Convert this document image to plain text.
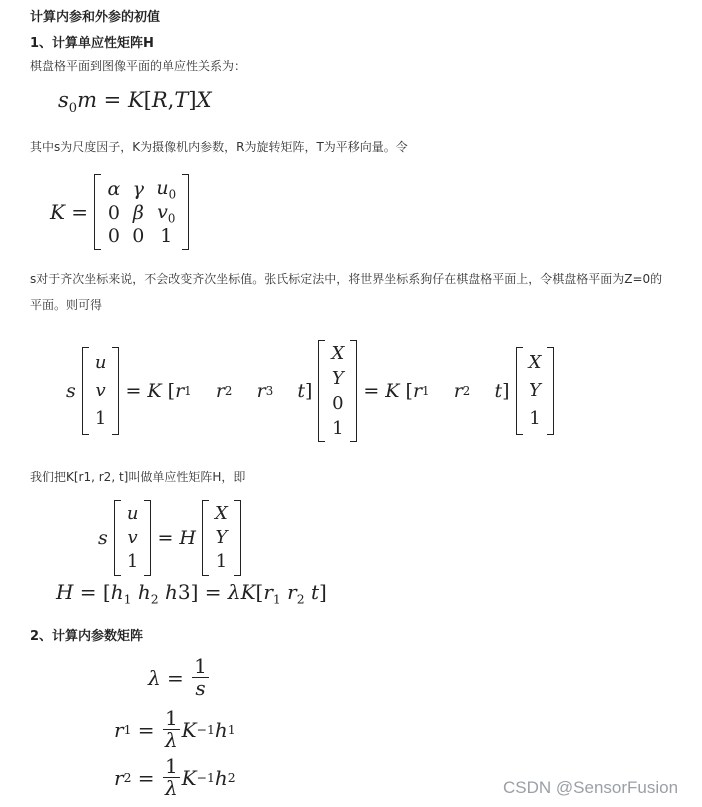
计算内参和外参的初值
1、计算单应性矩阵H
棋盘格平面到图像平面的单应性关系为：
$s_0m = K[R,T]X$
其中s为尺度因子，K为摄像机内参数，R为旋转矩阵，T为平移向量。令
K =
α	γ	$u_0$
0	β	$v_0$
0	0	1
s对于齐次坐标来说，不会改变齐次坐标值。张氏标定法中，将世界坐标系狗仔在棋盘格平面上，令棋盘格平面为Z=0的
平面。则可得
s

u
v
1
= K [ r 1
r 2
r 3
t ]
X
Y
0
1
= K [ r 1
r 2
t ]
X
Y
1
我们把K[r1, r2, t]叫做单应性矩阵H，即
s

u
v
1
= H

X
Y
1
$H = [h_1$ $h_2$ $h3] = \lambda K[r_1$ $r_2$ t]
2、计算内参数矩阵
$\lambda = \frac{1}{s}$
r $1 = \frac{1}{\lambda}$ K −1 h 1
r $2 = \frac{1}{\lambda}$ K −1 h 2
CSDN @SensorFusion
